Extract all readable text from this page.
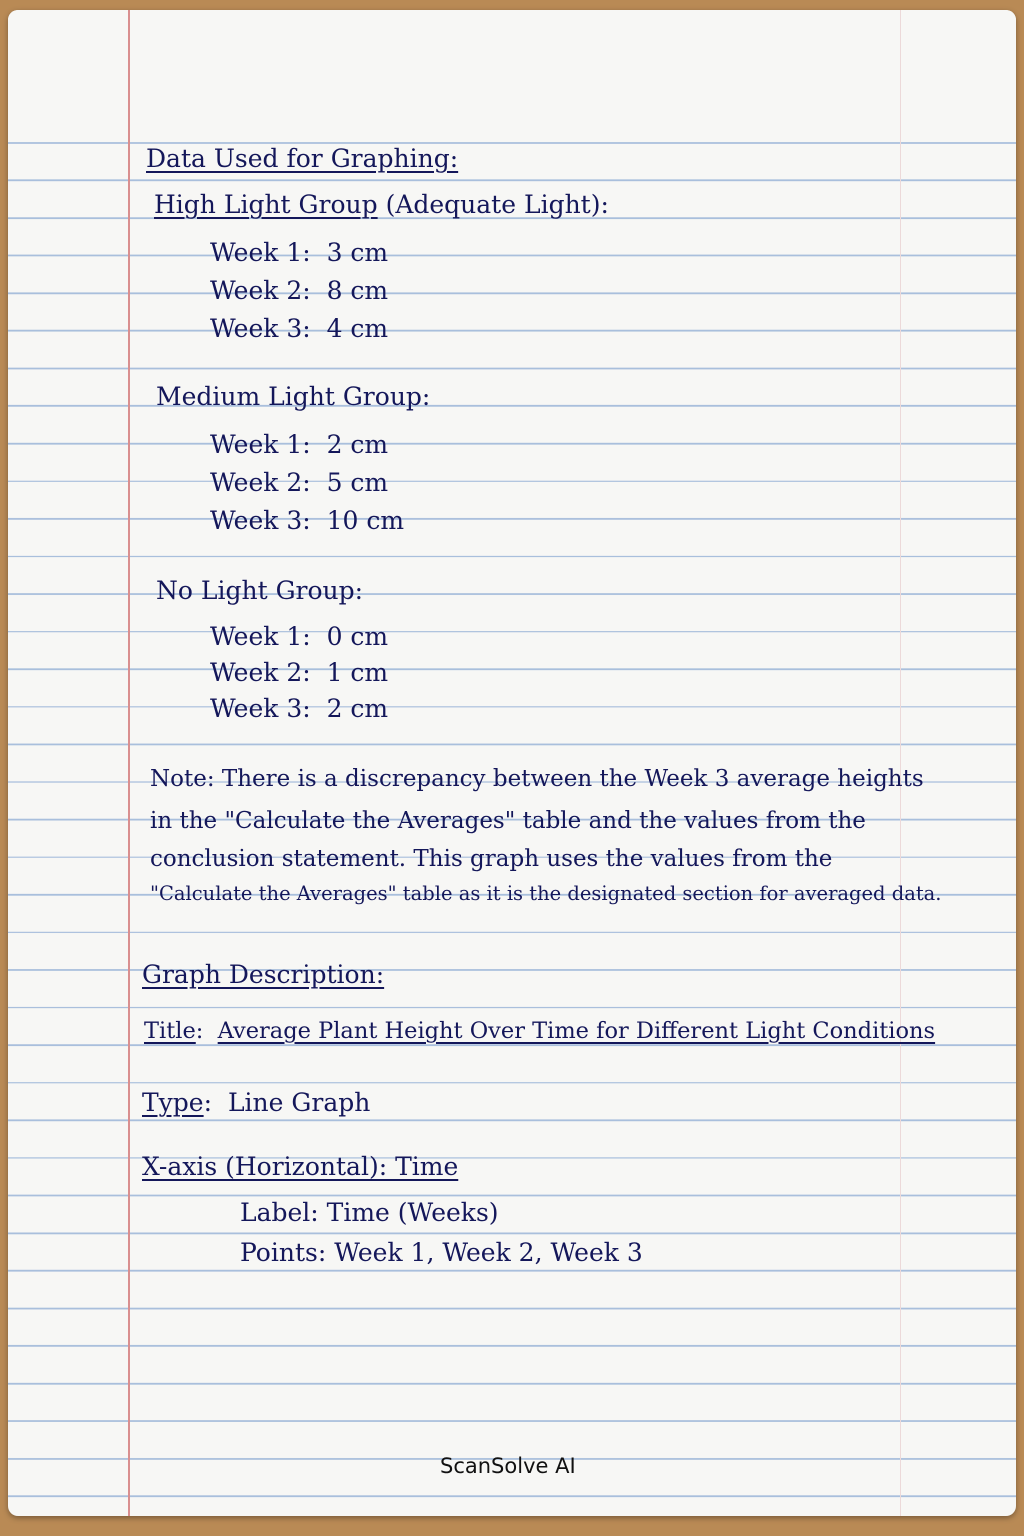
Data Used for Graphing:
High Light Group (Adequate Light):
Week 1: 3 cm
Week 2: 8 cm
Week 3: 4 cm
Medium Light Group:
Week 1: 2 cm
Week 2: 5 cm
Week 3: 10 cm
No Light Group:
Week 1: 0 cm
Week 2: 1 cm
Week 3: 2 cm
Note: There is a discrepancy between the Week 3 average heights
in the "Calculate the Averages" table and the values from the
conclusion statement. This graph uses the values from the
"Calculate the Averages" table as it is the designated section for averaged data.
Graph Description:
Title: Average Plant Height Over Time for Different Light Conditions
Type: Line Graph
X-axis (Horizontal): Time
Label: Time (Weeks)
Points: Week 1, Week 2, Week 3
ScanSolve AI
